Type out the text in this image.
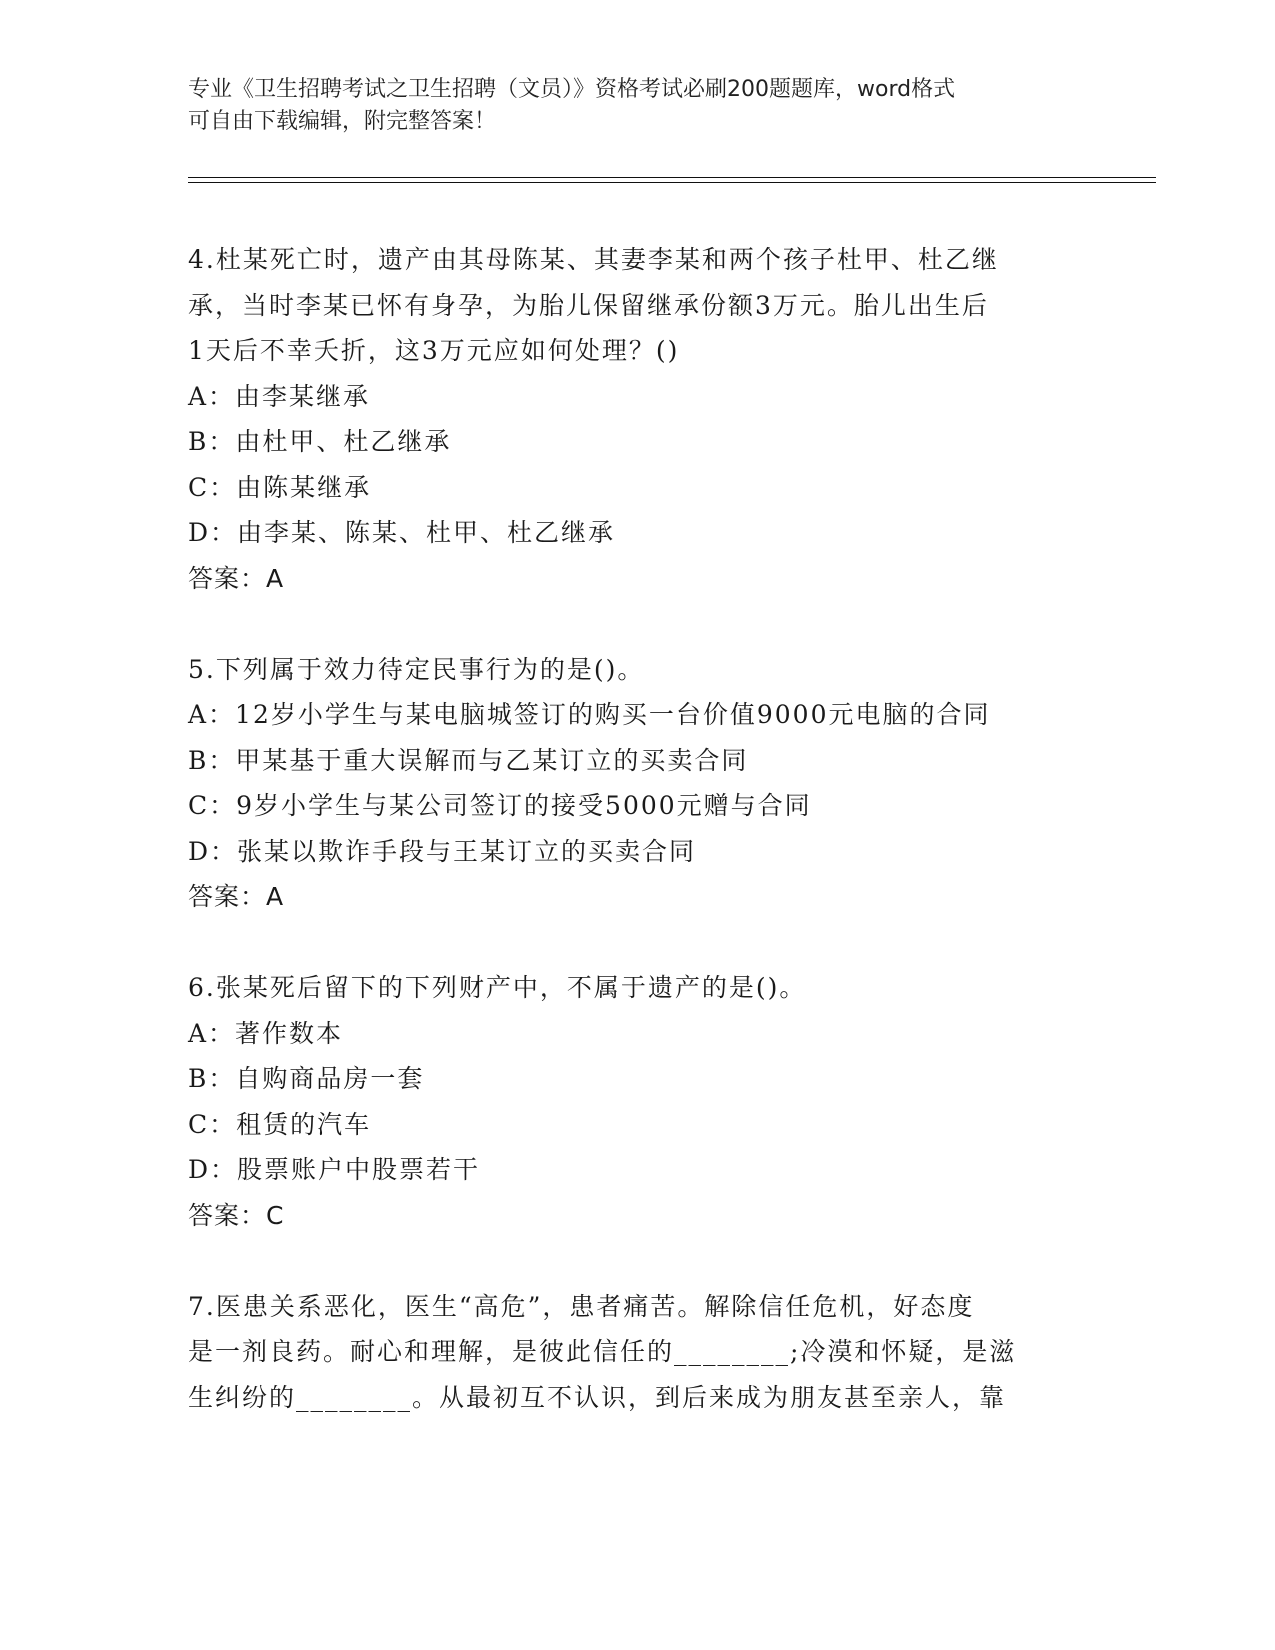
专业《卫生招聘考试之卫生招聘（文员）》资格考试必刷200题题库，word格式
可自由下载编辑，附完整答案！
4.杜某死亡时，遗产由其母陈某、其妻李某和两个孩子杜甲、杜乙继
承，当时李某已怀有身孕，为胎儿保留继承份额3万元。胎儿出生后
1天后不幸夭折，这3万元应如何处理？()
A：由李某继承
B：由杜甲、杜乙继承
C：由陈某继承
D：由李某、陈某、杜甲、杜乙继承
答案：A
5.下列属于效力待定民事行为的是()。
A：12岁小学生与某电脑城签订的购买一台价值9000元电脑的合同
B：甲某基于重大误解而与乙某订立的买卖合同
C：9岁小学生与某公司签订的接受5000元赠与合同
D：张某以欺诈手段与王某订立的买卖合同
答案：A
6.张某死后留下的下列财产中，不属于遗产的是()。
A：著作数本
B：自购商品房一套
C：租赁的汽车
D：股票账户中股票若干
答案：C
7.医患关系恶化，医生“高危”，患者痛苦。解除信任危机，好态度
是一剂良药。耐心和理解，是彼此信任的________;冷漠和怀疑，是滋
生纠纷的________。从最初互不认识，到后来成为朋友甚至亲人，靠
